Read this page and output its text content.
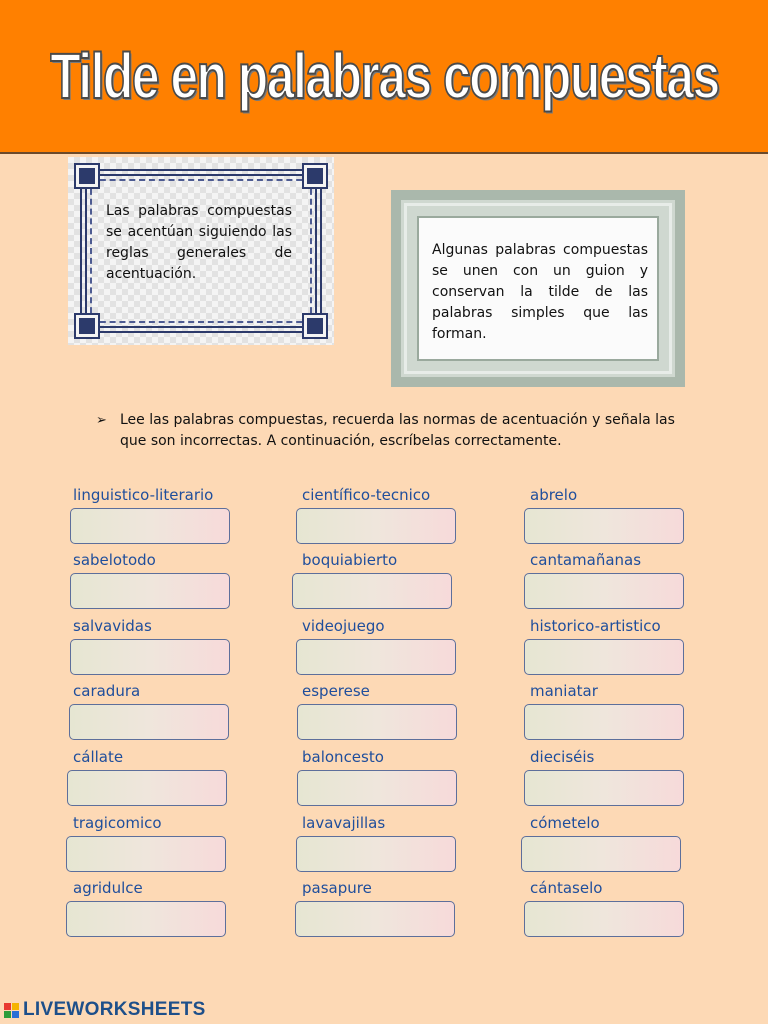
Tilde en palabras compuestas
Las palabras compuestas se acentúan siguiendo las reglas generales de acentuación.
Algunas palabras compuestas se unen con un guion y conservan la tilde de las palabras simples que las forman.
➢ Lee las palabras compuestas, recuerda las normas de acentuación y señala las que son incorrectas. A continuación, escríbelas correctamente.
linguistico-literario	científico-tecnico	abrelo
sabelotodo	boquiabierto	cantamañanas
salvavidas	videojuego	historico-artistico
caradura	esperese	maniatar
cállate	baloncesto	dieciséis
tragicomico	lavavajillas	cómetelo
agridulce	pasapure	cántaselo
LIVEWORKSHEETS
